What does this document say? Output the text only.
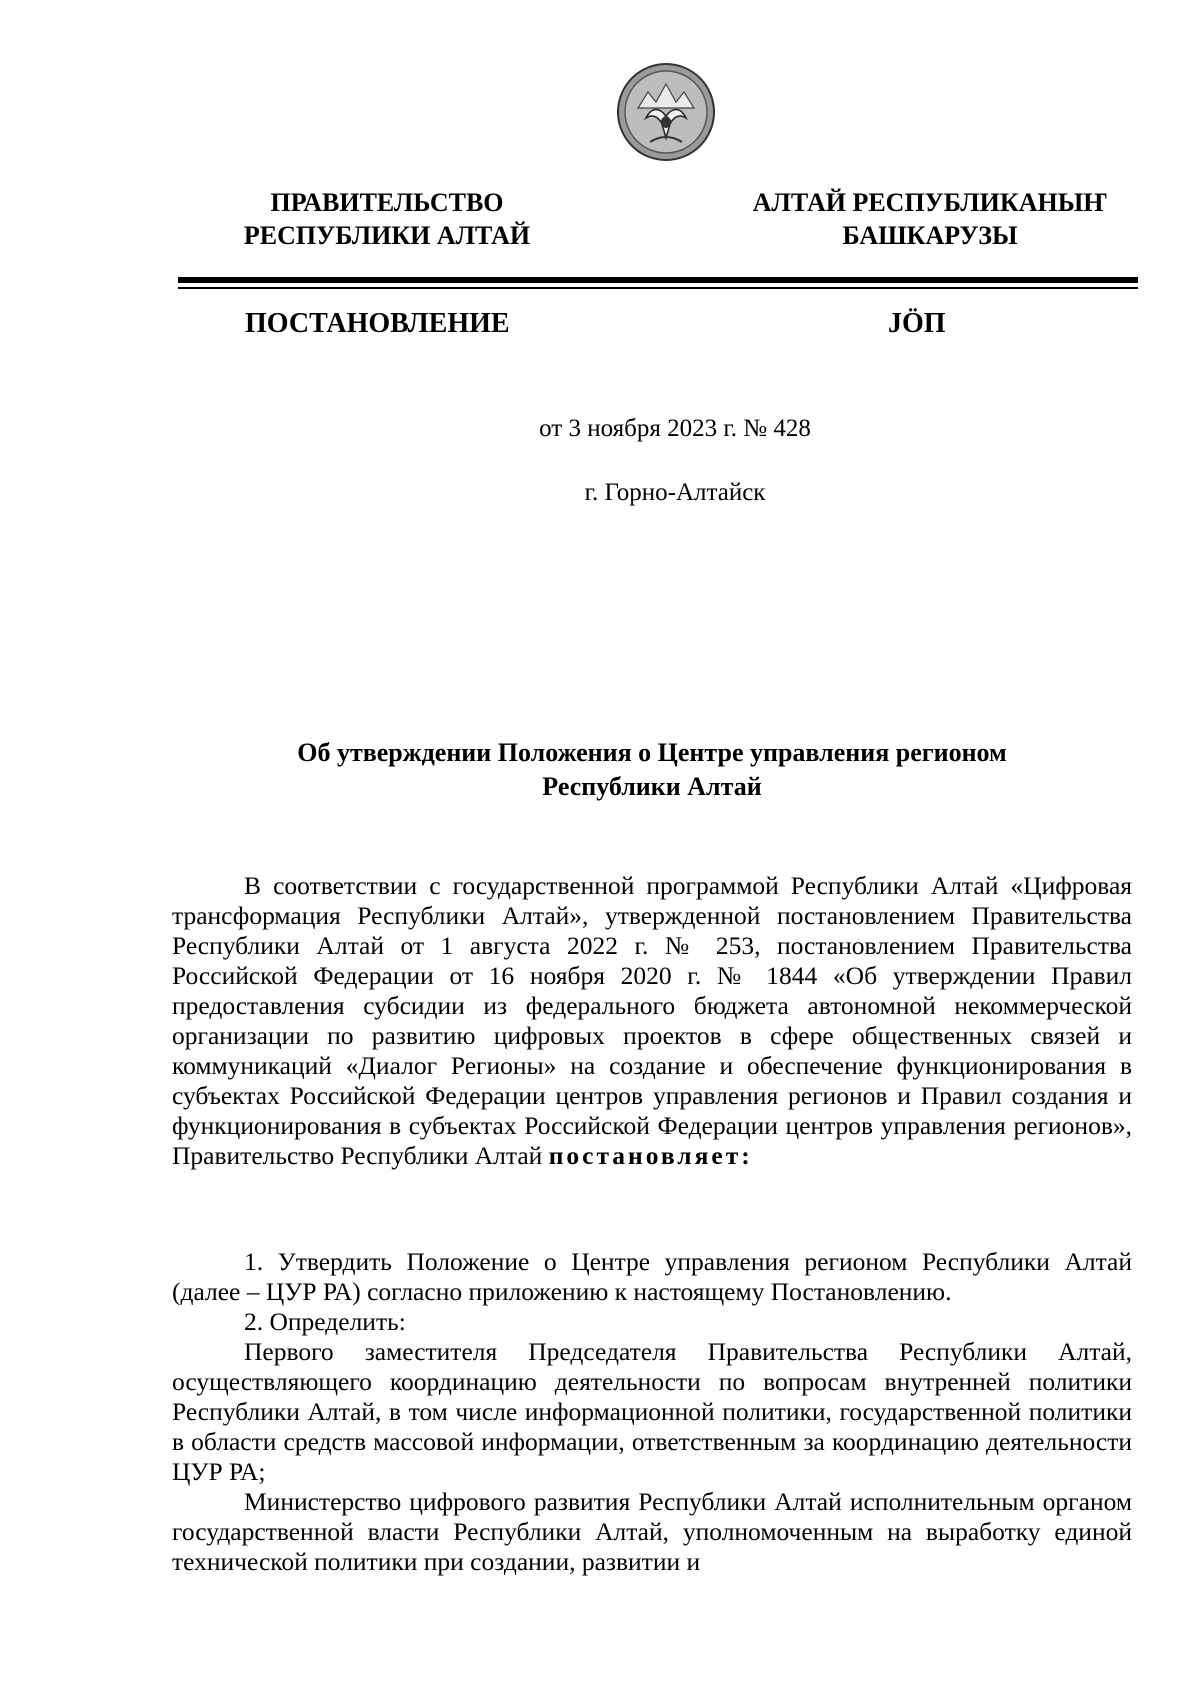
ПРАВИТЕЛЬСТВО
РЕСПУБЛИКИ АЛТАЙ
АЛТАЙ РЕСПУБЛИКАНЫҤ
БАШКАРУЗЫ
ПОСТАНОВЛЕНИЕ	JӦП
от 3 ноября 2023 г. № 428
г. Горно-Алтайск
Об утверждении Положения о Центре управления регионом
Республики Алтай

В соответствии с государственной программой Республики Алтай «Цифровая трансформация Республики Алтай», утвержденной постановлением Правительства Республики Алтай от 1 августа 2022 г. № 253, постановлением Правительства Российской Федерации от 16 ноября 2020 г. № 1844 «Об утверждении Правил предоставления субсидии из федерального бюджета автономной некоммерческой организации по развитию цифровых проектов в сфере общественных связей и коммуникаций «Диалог Регионы» на создание и обеспечение функционирования в субъектах Российской Федерации центров управления регионов и Правил создания и функционирования в субъектах Российской Федерации центров управления регионов», Правительство Республики Алтай постановляет:

1. Утвердить Положение о Центре управления регионом Республики Алтай (далее – ЦУР РА) согласно приложению к настоящему Постановлению.

2. Определить:

Первого заместителя Председателя Правительства Республики Алтай, осуществляющего координацию деятельности по вопросам внутренней политики Республики Алтай, в том числе информационной политики, государственной политики в области средств массовой информации, ответственным за координацию деятельности ЦУР РА;

Министерство цифрового развития Республики Алтай исполнительным органом государственной власти Республики Алтай, уполномоченным на выработку единой технической политики при создании, развитии и
